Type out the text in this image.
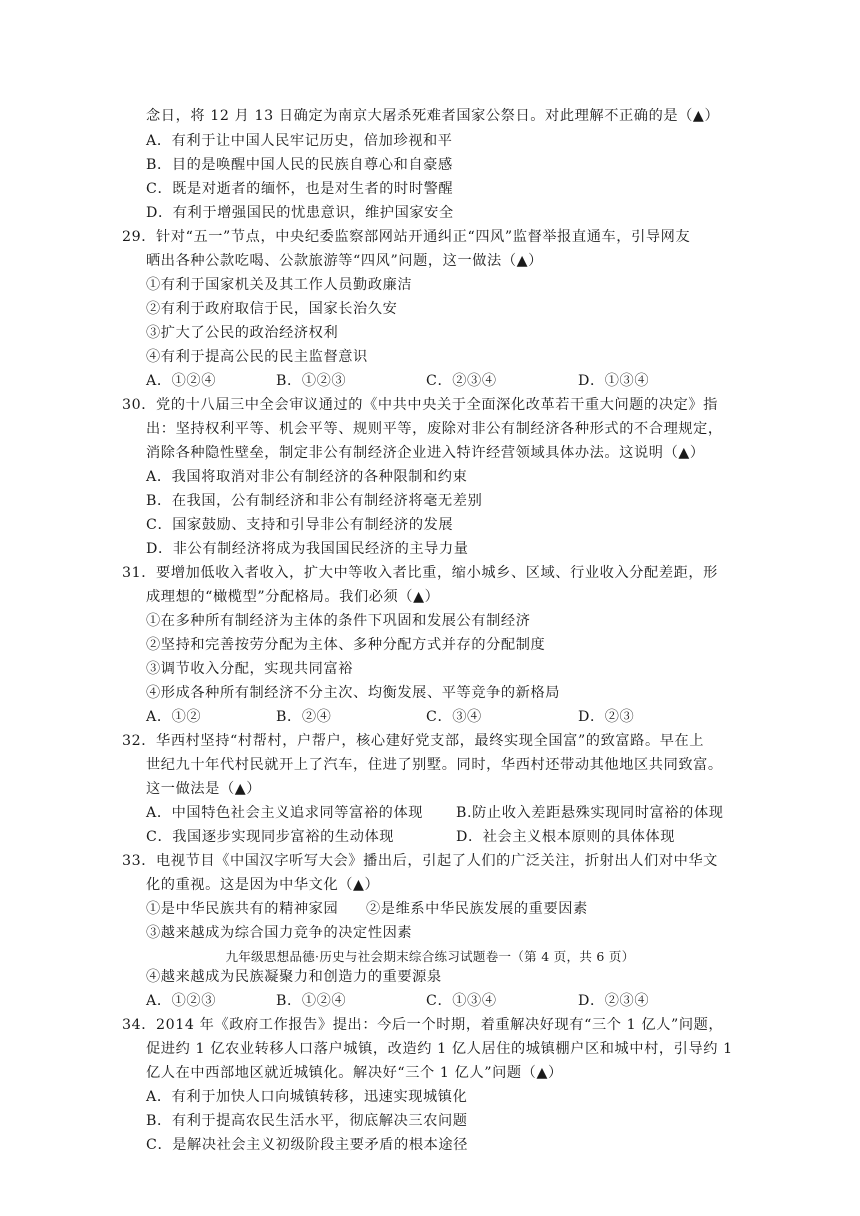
念日，将 12 月 13 日确定为南京大屠杀死难者国家公祭日。对此理解不正确的是（▲）
A．有利于让中国人民牢记历史，倍加珍视和平
B．目的是唤醒中国人民的民族自尊心和自豪感
C．既是对逝者的缅怀，也是对生者的时时警醒
D．有利于增强国民的忧患意识，维护国家安全
29．针对“五一”节点，中央纪委监察部网站开通纠正“四风”监督举报直通车，引导网友
晒出各种公款吃喝、公款旅游等“四风”问题，这一做法（▲）
①有利于国家机关及其工作人员勤政廉洁
②有利于政府取信于民，国家长治久安
③扩大了公民的政治经济权利
④有利于提高公民的民主监督意识
A．①②④	B．①②③	C．②③④	D．①③④
30．党的十八届三中全会审议通过的《中共中央关于全面深化改革若干重大问题的决定》指
出：坚持权利平等、机会平等、规则平等，废除对非公有制经济各种形式的不合理规定，
消除各种隐性壁垒，制定非公有制经济企业进入特许经营领域具体办法。这说明（▲）
A．我国将取消对非公有制经济的各种限制和约束
B．在我国，公有制经济和非公有制经济将毫无差别
C．国家鼓励、支持和引导非公有制经济的发展
D．非公有制经济将成为我国国民经济的主导力量
31．要增加低收入者收入，扩大中等收入者比重，缩小城乡、区域、行业收入分配差距，形
成理想的“橄榄型”分配格局。我们必须（▲）
①在多种所有制经济为主体的条件下巩固和发展公有制经济
②坚持和完善按劳分配为主体、多种分配方式并存的分配制度
③调节收入分配，实现共同富裕
④形成各种所有制经济不分主次、均衡发展、平等竞争的新格局
A．①②	B．②④	C．③④	D．②③
32．华西村坚持“村帮村，户帮户，核心建好党支部，最终实现全国富”的致富路。早在上
世纪九十年代村民就开上了汽车，住进了别墅。同时，华西村还带动其他地区共同致富。
这一做法是（▲）
A．中国特色社会主义追求同等富裕的体现 B.防止收入差距悬殊实现同时富裕的体现
C．我国逐步实现同步富裕的生动体现	D．社会主义根本原则的具体体现
33．电视节目《中国汉字听写大会》播出后，引起了人们的广泛关注，折射出人们对中华文
化的重视。这是因为中华文化（▲）
①是中华民族共有的精神家园 ②是维系中华民族发展的重要因素
③越来越成为综合国力竞争的决定性因素
九年级思想品德·历史与社会期末综合练习试题卷一（第 4 页，共 6 页）
④越来越成为民族凝聚力和创造力的重要源泉
A．①②③	B．①②④	C．①③④	D．②③④
34．2014 年《政府工作报告》提出：今后一个时期，着重解决好现有“三个 1 亿人”问题，
促进约 1 亿农业转移人口落户城镇，改造约 1 亿人居住的城镇棚户区和城中村，引导约 1
亿人在中西部地区就近城镇化。解决好“三个 1 亿人”问题（▲）
A．有利于加快人口向城镇转移，迅速实现城镇化
B．有利于提高农民生活水平，彻底解决三农问题
C．是解决社会主义初级阶段主要矛盾的根本途径
